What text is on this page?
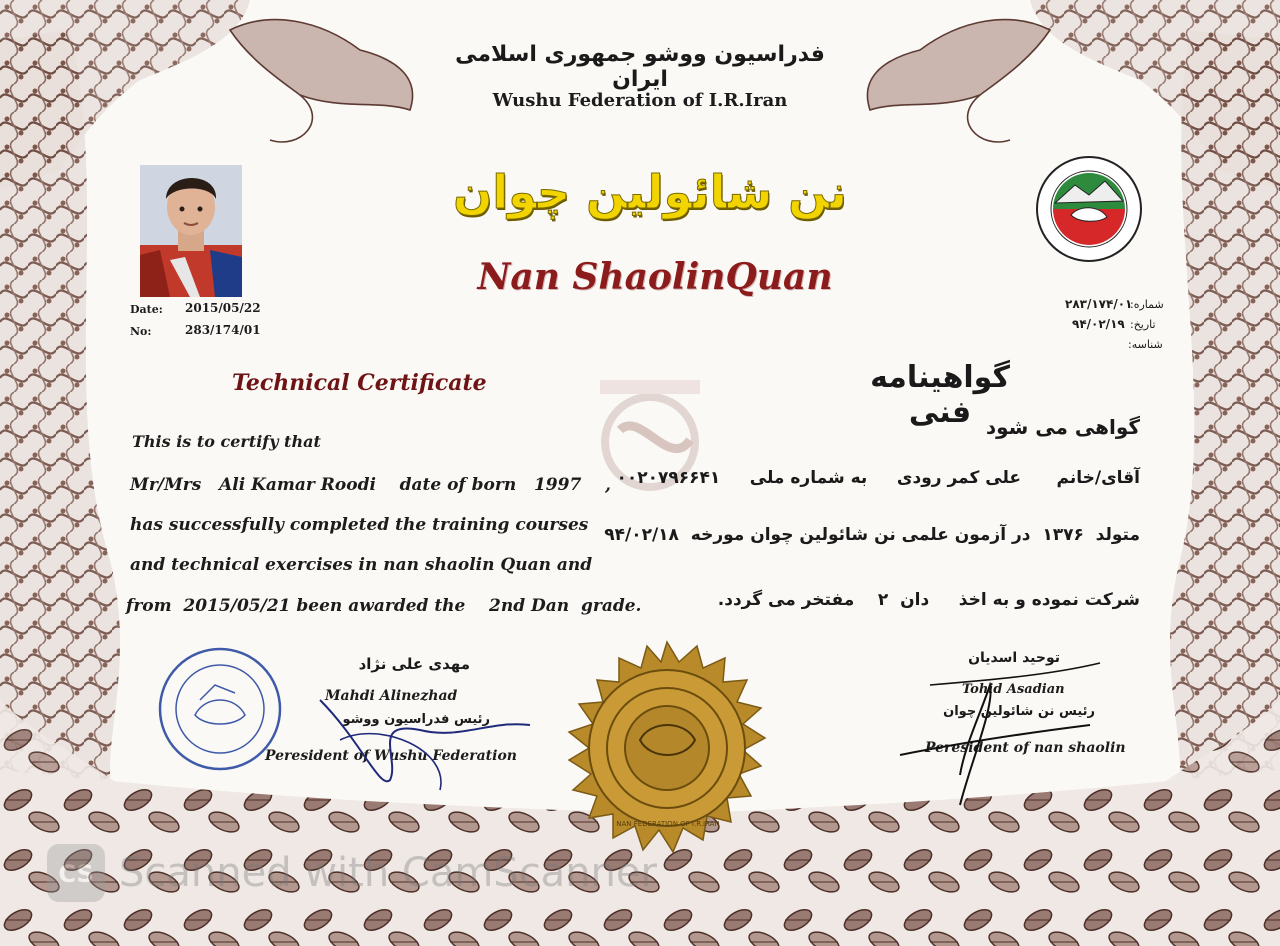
فدراسیون ووشو جمهوری اسلامی ایران
Wushu Federation of I.R.Iran
نن شائولین چوان
Nan ShaolinQuan
Date: 2015/05/22
No:	283/174/01
شماره:
۲۸۳/۱۷۴/۰۱
تاریخ:
۹۴/۰۲/۱۹
شناسه:
Technical Certificate	گواهینامه فنی
This is to certify that
Mr/Mrs   Ali Kamar Roodi    date of born   1997    ,
has successfully completed the training courses
and technical exercises in nan shaolin Quan and
from  2015/05/21 been awarded the    2nd Dan  grade.
گواهی می شود
آقای/خانم      علی کمر رودی     به شماره ملی     ۰۰۲۰۷۹۶۶۴۱
متولد  ۱۳۷۶  در آزمون علمی نن شائولین چوان مورخه  ۹۴/۰۲/۱۸
شرکت نموده و به اخذ     دان  ۲    مفتخر می گردد.
مهدی علی نژاد
Mahdi Alinezhad
رئیس فدراسیون ووشو
Peresident of Wushu Federation
NAN FEDERATION OF I.R.IRAN
توحید اسدیان
Tohid Asadian
رئیس نن شائولین چوان
Peresident of nan shaolin
CS Scanned with CamScanner
